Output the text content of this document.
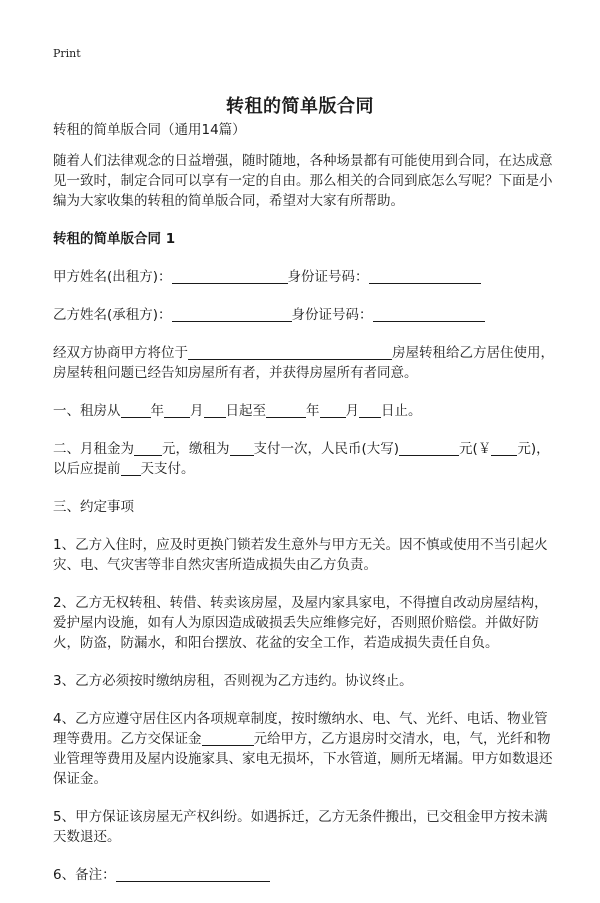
Print
转租的简单版合同

转租的简单版合同（通用14篇）

随着人们法律观念的日益增强，随时随地，各种场景都有可能使用到合同，在达成意见一致时，制定合同可以享有一定的自由。那么相关的合同到底怎么写呢？下面是小编为大家收集的转租的简单版合同，希望对大家有所帮助。

转租的简单版合同 1

甲方姓名(出租方)：	身份证号码：

乙方姓名(承租方)：	身份证号码：

经双方协商甲方将位于	房屋转租给乙方居住使用，房屋转租问题已经告知房屋所有者，并获得房屋所有者同意。

一、租房从 年 月 日起至	年 月 日止。

二、月租金为 元，缴租为 支付一次，人民币(大写)	元(￥ 元)，以后应提前 天支付。

三、约定事项

1、乙方入住时，应及时更换门锁若发生意外与甲方无关。因不慎或使用不当引起火灾、电、气灾害等非自然灾害所造成损失由乙方负责。

2、乙方无权转租、转借、转卖该房屋，及屋内家具家电，不得擅自改动房屋结构，爱护屋内设施，如有人为原因造成破损丢失应维修完好，否则照价赔偿。并做好防火，防盗，防漏水，和阳台摆放、花盆的安全工作，若造成损失责任自负。

3、乙方必须按时缴纳房租，否则视为乙方违约。协议终止。

4、乙方应遵守居住区内各项规章制度，按时缴纳水、电、气、光纤、电话、物业管理等费用。乙方交保证金	元给甲方，乙方退房时交清水，电，气，光纤和物业管理等费用及屋内设施家具、家电无损坏，下水管道，厕所无堵漏。甲方如数退还保证金。

5、甲方保证该房屋无产权纠纷。如遇拆迁，乙方无条件搬出，已交租金甲方按未满天数退还。

6、备注：
